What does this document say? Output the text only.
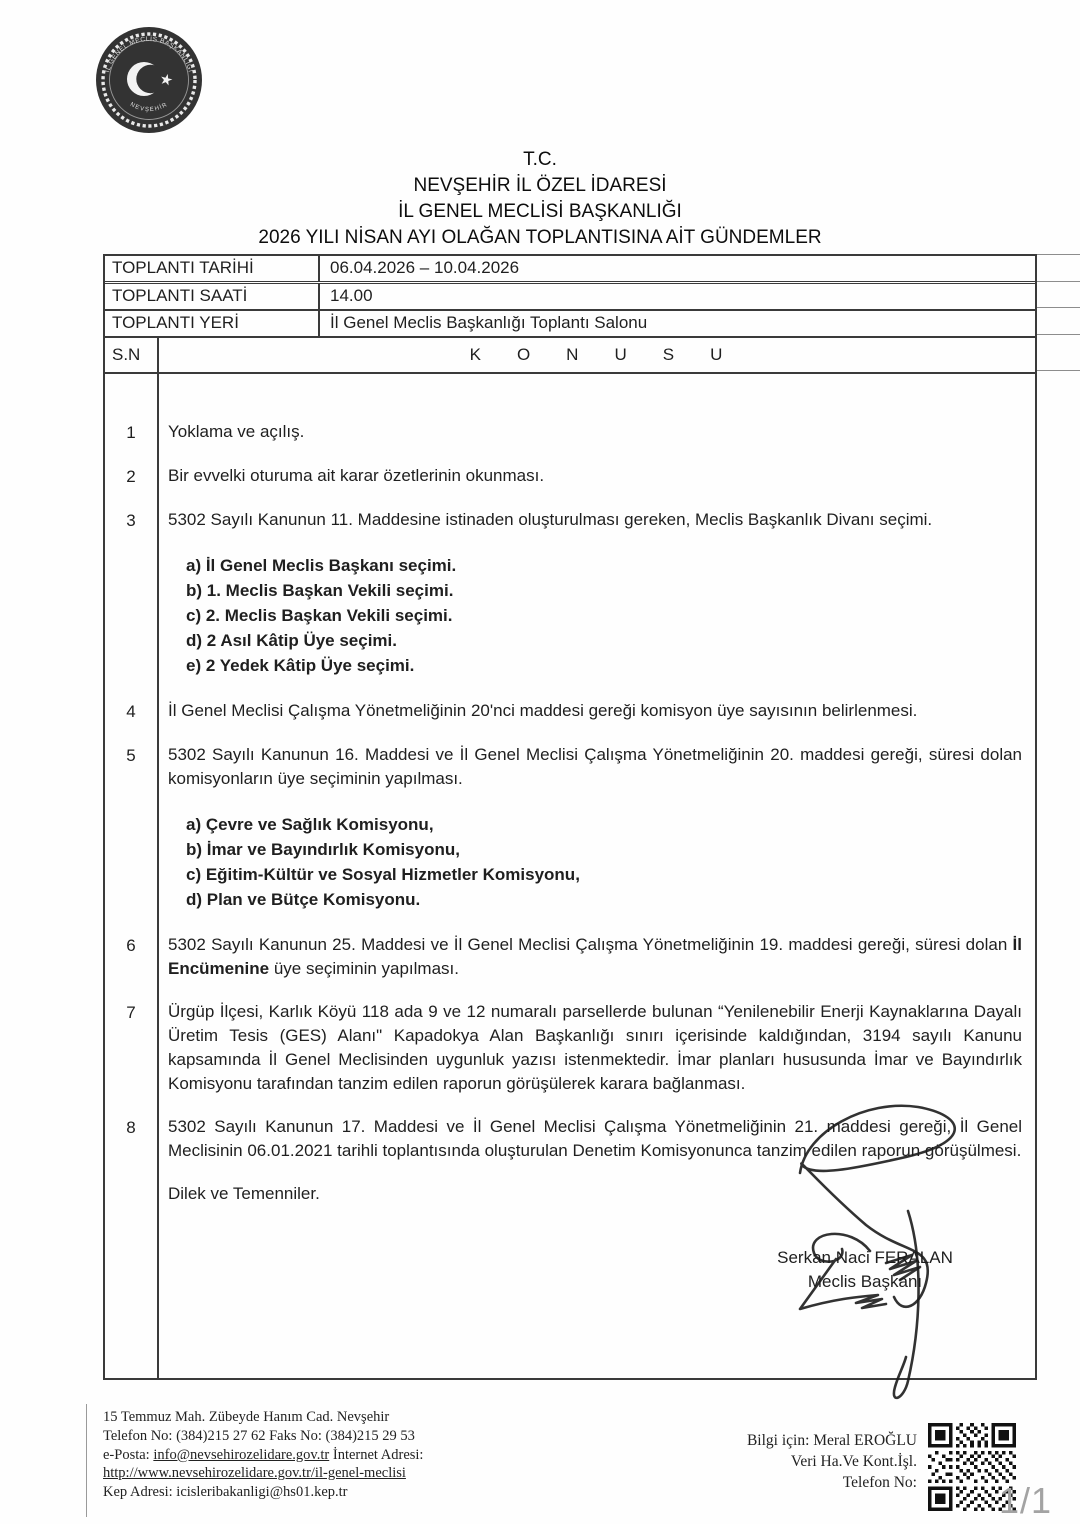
İL GENEL MECLİS BAŞKANLIĞI
NEVŞEHİR
★
T.C.
NEVŞEHİR İL ÖZEL İDARESİ
İL GENEL MECLİSİ BAŞKANLIĞI
2026 YILI NİSAN AYI OLAĞAN TOPLANTISINA AİT GÜNDEMLER
TOPLANTI TARİHİ	06.04.2026 – 10.04.2026
TOPLANTI SAATİ	14.00
TOPLANTI YERİ	İl Genel Meclis Başkanlığı Toplantı Salonu
S.N	KONUSU
1	Yoklama ve açılış.
2	Bir evvelki oturuma ait karar özetlerinin okunması.
3	5302 Sayılı Kanunun 11. Maddesine istinaden oluşturulması gereken, Meclis Başkanlık Divanı seçimi.
a) İl Genel Meclis Başkanı seçimi.
b) 1. Meclis Başkan Vekili seçimi.
c) 2. Meclis Başkan Vekili seçimi.
d) 2 Asıl Kâtip Üye seçimi.
e) 2 Yedek Kâtip Üye seçimi.
4	İl Genel Meclisi Çalışma Yönetmeliğinin 20'nci maddesi gereği komisyon üye sayısının belirlenmesi.
5	5302 Sayılı Kanunun 16. Maddesi ve İl Genel Meclisi Çalışma Yönetmeliğinin 20. maddesi gereği, süresi dolan komisyonların üye seçiminin yapılması.
a) Çevre ve Sağlık Komisyonu,
b) İmar ve Bayındırlık Komisyonu,
c) Eğitim-Kültür ve Sosyal Hizmetler Komisyonu,
d) Plan ve Bütçe Komisyonu.
6	5302 Sayılı Kanunun 25. Maddesi ve İl Genel Meclisi Çalışma Yönetmeliğinin 19. maddesi gereği, süresi dolan İl Encümenine üye seçiminin yapılması.
7	Ürgüp İlçesi, Karlık Köyü 118 ada 9 ve 12 numaralı parsellerde bulunan “Yenilenebilir Enerji Kaynaklarına Dayalı Üretim Tesis (GES) Alanı" Kapadokya Alan Başkanlığı sınırı içerisinde kaldığından, 3194 sayılı Kanunu kapsamında İl Genel Meclisinden uygunluk yazısı istenmektedir. İmar planları hususunda İmar ve Bayındırlık Komisyonu tarafından tanzim edilen raporun görüşülerek karara bağlanması.
8	5302 Sayılı Kanunun 17. Maddesi ve İl Genel Meclisi Çalışma Yönetmeliğinin 21. maddesi gereği, İl Genel Meclisinin 06.01.2021 tarihli toplantısında oluşturulan Denetim Komisyonunca tanzim edilen raporun görüşülmesi.
Dilek ve Temenniler.
Serkan Naci FERALAN
Meclis Başkanı
15 Temmuz Mah. Zübeyde Hanım Cad. Nevşehir
Telefon No: (384)215 27 62 Faks No: (384)215 29 53
e-Posta: info@nevsehirozelidare.gov.tr İnternet Adresi:
http://www.nevsehirozelidare.gov.tr/il-genel-meclisi
Kep Adresi: icisleribakanligi@hs01.kep.tr
Bilgi için: Meral EROĞLU
Veri Ha.Ve Kont.İşl.
Telefon No: 1/1
